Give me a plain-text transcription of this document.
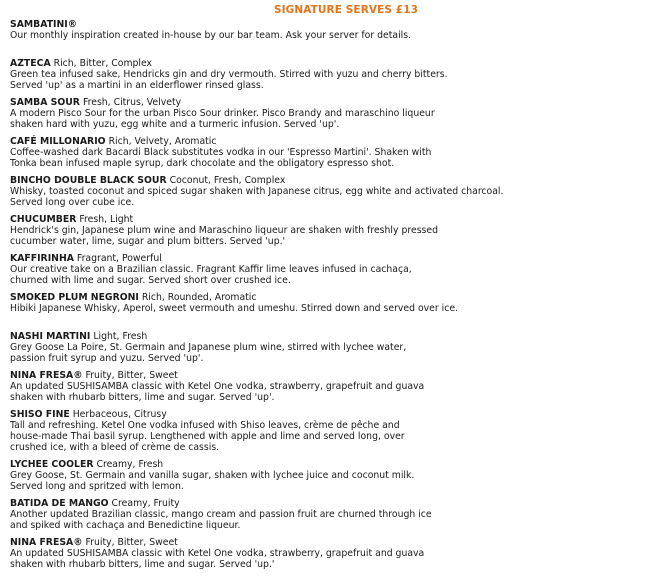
SIGNATURE SERVES £13
SAMBATINI®
Our monthly inspiration created in-house by our bar team. Ask your server for details.
AZTECA Rich, Bitter, Complex
Green tea infused sake, Hendricks gin and dry vermouth. Stirred with yuzu and cherry bitters.
Served 'up' as a martini in an elderflower rinsed glass.
SAMBA SOUR Fresh, Citrus, Velvety
A modern Pisco Sour for the urban Pisco Sour drinker. Pisco Brandy and maraschino liqueur
shaken hard with yuzu, egg white and a turmeric infusion. Served 'up'.
CAFÉ MILLONARIO Rich, Velvety, Aromatic
Coffee-washed dark Bacardi Black substitutes vodka in our 'Espresso Martini'. Shaken with
Tonka bean infused maple syrup, dark chocolate and the obligatory espresso shot.
BINCHO DOUBLE BLACK SOUR Coconut, Fresh, Complex
Whisky, toasted coconut and spiced sugar shaken with Japanese citrus, egg white and activated charcoal.
Served long over cube ice.
CHUCUMBER Fresh, Light
Hendrick's gin, Japanese plum wine and Maraschino liqueur are shaken with freshly pressed
cucumber water, lime, sugar and plum bitters. Served 'up.'
KAFFIRINHA Fragrant, Powerful
Our creative take on a Brazilian classic. Fragrant Kaffir lime leaves infused in cachaça,
churned with lime and sugar. Served short over crushed ice.
SMOKED PLUM NEGRONI Rich, Rounded, Aromatic
Hibiki Japanese Whisky, Aperol, sweet vermouth and umeshu. Stirred down and served over ice.
NASHI MARTINI Light, Fresh
Grey Goose La Poire, St. Germain and Japanese plum wine, stirred with lychee water,
passion fruit syrup and yuzu. Served 'up'.
NINA FRESA® Fruity, Bitter, Sweet
An updated SUSHISAMBA classic with Ketel One vodka, strawberry, grapefruit and guava
shaken with rhubarb bitters, lime and sugar. Served 'up'.
SHISO FINE Herbaceous, Citrusy
Tall and refreshing. Ketel One vodka infused with Shiso leaves, crème de pêche and
house-made Thai basil syrup. Lengthened with apple and lime and served long, over
crushed ice, with a bleed of crème de cassis.
LYCHEE COOLER Creamy, Fresh
Grey Goose, St. Germain and vanilla sugar, shaken with lychee juice and coconut milk.
Served long and spritzed with lemon.
BATIDA DE MANGO Creamy, Fruity
Another updated Brazilian classic, mango cream and passion fruit are churned through ice
and spiked with cachaça and Benedictine liqueur.
NINA FRESA® Fruity, Bitter, Sweet
An updated SUSHISAMBA classic with Ketel One vodka, strawberry, grapefruit and guava
shaken with rhubarb bitters, lime and sugar. Served 'up.'
